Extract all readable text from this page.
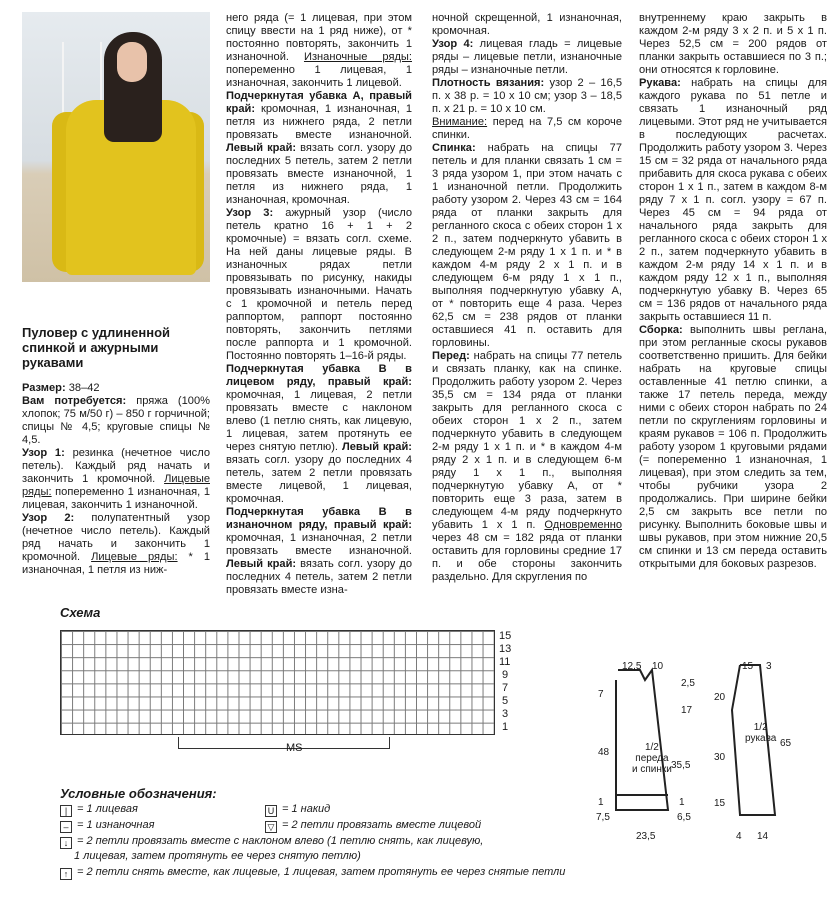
Пуловер с удлиненной спинкой и ажурными рукавами

Размер: 38–42

Вам потребуется: пряжа (100% хлопок; 75 м/50 г) – 850 г горчичной; спицы № 4,5; круговые спицы № 4,5.

Узор 1: резинка (нечетное число петель). Каждый ряд начать и закончить 1 кромочной. Лицевые ряды: попеременно 1 изнаночная, 1 лицевая, закончить 1 изнаночной.

Узор 2: полупатентный узор (нечетное число петель). Каждый ряд начать и закончить 1 кромочной. Лицевые ряды: * 1 изнаночная, 1 петля из ниж-

него ряда (= 1 лицевая, при этом спицу ввести на 1 ряд ниже), от * постоянно повторять, закончить 1 изнаночной. Изнаночные ряды: попеременно 1 лицевая, 1 изнаночная, закончить 1 лицевой.

Подчеркнутая убавка А, правый край: кромочная, 1 изнаночная, 1 петля из нижнего ряда, 2 петли провязать вместе изнаночной. Левый край: вязать согл. узору до последних 5 петель, затем 2 петли провязать вместе изнаночной, 1 петля из нижнего ряда, 1 изнаночная, кромочная.

Узор 3: ажурный узор (число петель кратно 16 + 1 + 2 кромочные) = вязать согл. схеме. На ней даны лицевые ряды. В изнаночных рядах петли провязывать по рисунку, накиды провязывать изнаночными. Начать с 1 кромочной и петель перед раппортом, раппорт постоянно повторять, закончить петлями после раппорта и 1 кромочной. Постоянно повторять 1–16-й ряды.

Подчеркнутая убавка В в лицевом ряду, правый край: кромочная, 1 лицевая, 2 петли провязать вместе с наклоном влево (1 петлю снять, как лицевую, 1 лицевая, затем протянуть ее через снятую петлю). Левый край: вязать согл. узору до последних 4 петель, затем 2 петли провязать вместе лицевой, 1 лицевая, кромочная.

Подчеркнутая убавка В в изнаночном ряду, правый край: кромочная, 1 изнаночная, 2 петли провязать вместе изнаночной. Левый край: вязать согл. узору до последних 4 петель, затем 2 петли провязать вместе изна-

ночной скрещенной, 1 изнаночная, кромочная.

Узор 4: лицевая гладь = лицевые ряды – лицевые петли, изнаночные ряды – изнаночные петли.

Плотность вязания: узор 2 – 16,5 п. х 38 р. = 10 х 10 см; узор 3 – 18,5 п. х 21 р. = 10 х 10 см.

Внимание: перед на 7,5 см короче спинки.

Спинка: набрать на спицы 77 петель и для планки связать 1 см = 3 ряда узором 1, при этом начать с 1 изнаночной петли. Продолжить работу узором 2. Через 43 см = 164 ряда от планки закрыть для регланного скоса с обеих сторон 1 х 2 п., затем подчеркнуто убавить в следующем 2-м ряду 1 х 1 п. и * в каждом 4-м ряду 2 х 1 п. и в следующем 6-м ряду 1 х 1 п., выполняя подчеркнутую убавку А, от * повторить еще 4 раза. Через 62,5 см = 238 рядов от планки оставшиеся 41 п. оставить для горловины.

Перед: набрать на спицы 77 петель и связать планку, как на спинке. Продолжить работу узором 2. Через 35,5 см = 134 ряда от планки закрыть для регланного скоса с обеих сторон 1 х 2 п., затем подчеркнуто убавить в следующем 2-м ряду 1 х 1 п. и * в каждом 4-м ряду 2 х 1 п. и в следующем 6-м ряду 1 х 1 п., выполняя подчеркнутую убавку А, от * повторить еще 3 раза, затем в следующем 4-м ряду подчеркнуто убавить 1 х 1 п. Одновременно через 48 см = 182 ряда от планки оставить для горловины средние 17 п. и обе стороны закончить раздельно. Для скругления по

внутреннему краю закрыть в каждом 2-м ряду 3 х 2 п. и 5 х 1 п. Через 52,5 см = 200 рядов от планки закрыть оставшиеся по 3 п.; они относятся к горловине.

Рукава: набрать на спицы для каждого рукава по 51 петле и связать 1 изнаночный ряд лицевыми. Этот ряд не учитывается в последующих расчетах. Продолжить работу узором 3. Через 15 см = 32 ряда от начального ряда прибавить для скоса рукава с обеих сторон 1 х 1 п., затем в каждом 8-м ряду 7 х 1 п. согл. узору = 67 п. Через 45 см = 94 ряда от начального ряда закрыть для регланного скоса с обеих сторон 1 х 2 п., затем подчеркнуто убавить в каждом 2-м ряду 14 х 1 п. и в каждом ряду 12 х 1 п., выполняя подчеркнутую убавку В. Через 65 см = 136 рядов от начального ряда закрыть оставшиеся 11 п.

Сборка: выполнить швы реглана, при этом регланные скосы рукавов соответственно пришить. Для бейки набрать на круговые спицы оставленные 41 петлю спинки, а также 17 петель переда, между ними с обеих сторон набрать по 24 петли по скруглениям горловины и краям рукавов = 106 п. Продолжить работу узором 1 круговыми рядами (= попеременно 1 изнаночная, 1 лицевая), при этом следить за тем, чтобы рубчики узора 2 продолжались. При ширине бейки 2,5 см закрыть все петли по рисунку. Выполнить боковые швы и швы рукавов, при этом нижние 20,5 см спинки и 13 см переда оставить открытыми для боковых разрезов.

Схема
15
13
11
9
7
5
3
1
MS
Условные обозначения:
| = 1 лицевая
– = 1 изнаночная
U = 1 накид
▽ = 2 петли провязать вместе лицевой
↓ = 2 петли провязать вместе с наклоном влево (1 петлю снять, как лицевую,
1 лицевая, затем протянуть ее через снятую петлю)
↑ = 2 петли снять вместе, как лицевые, 1 лицевая, затем протянуть ее через снятые петли
1/2
переда
и спинки
1/2
рукава
12,5 10
2,5
7
17
48
35,5
1
7,5
1
6,5
23,5
15 3
20
65
30
15
4 14
